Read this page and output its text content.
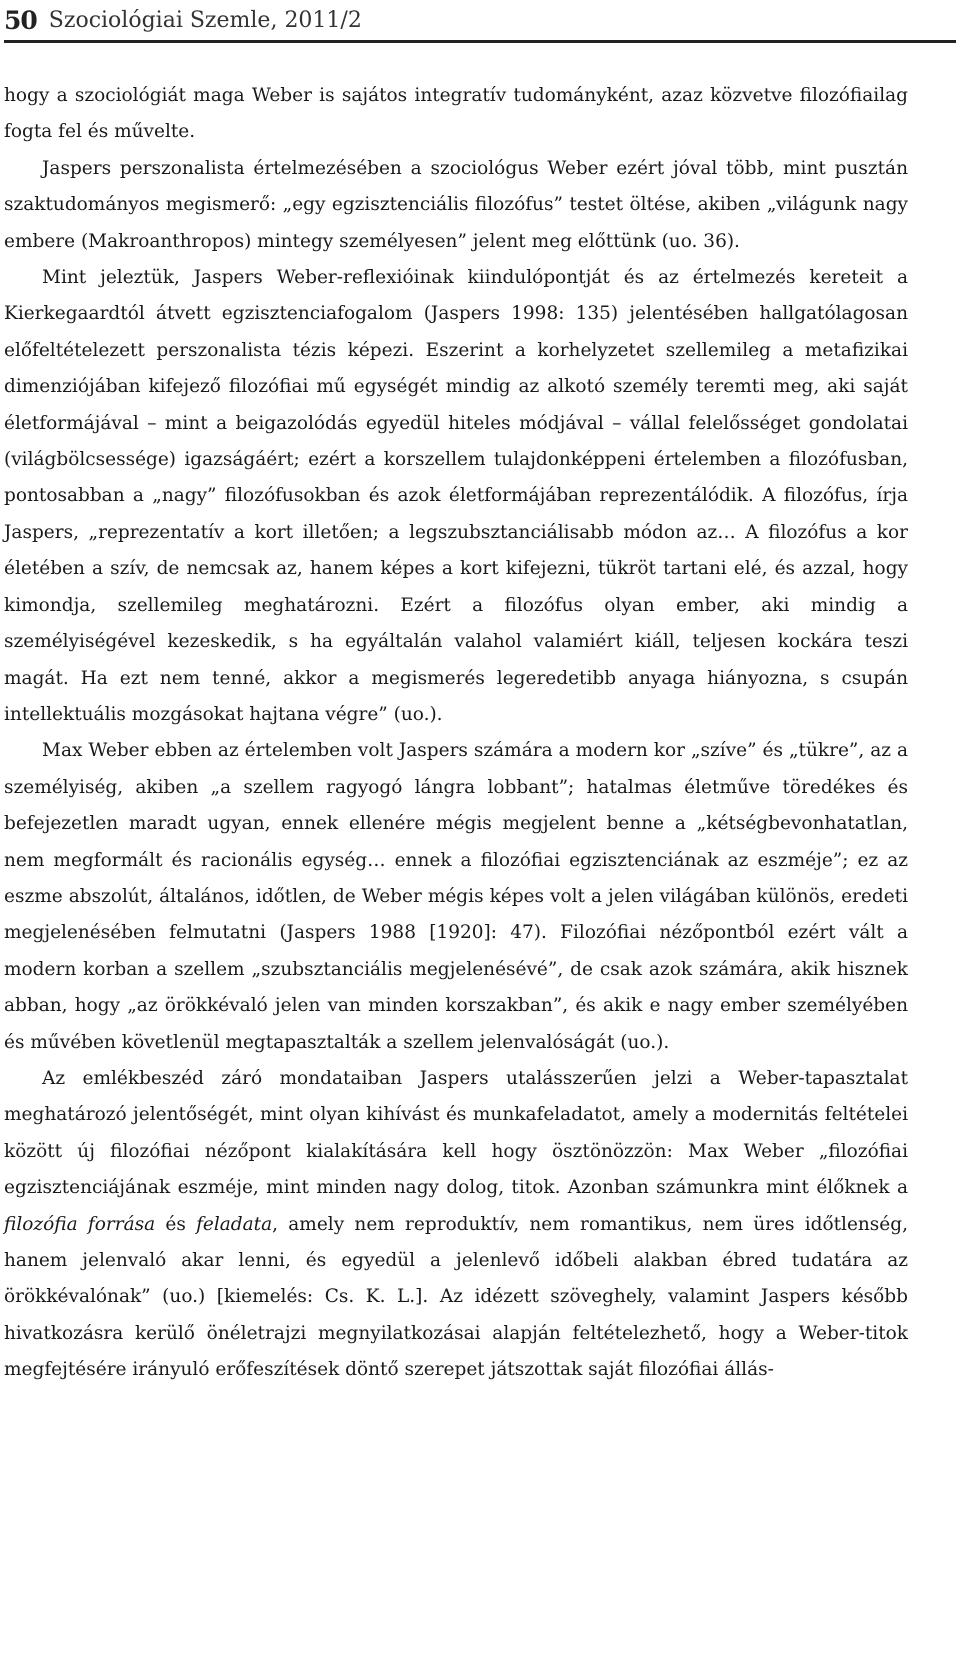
50 Szociológiai Szemle, 2011/2

hogy a szociológiát maga Weber is sajátos integratív tudományként, azaz közvetve filozófiailag fogta fel és művelte.

Jaspers perszonalista értelmezésében a szociológus Weber ezért jóval több, mint pusztán szaktudományos megismerő: „egy egzisztenciális filozófus” testet öltése, akiben „világunk nagy embere (Makroanthropos) mintegy személyesen” jelent meg előttünk (uo. 36).

Mint jeleztük, Jaspers Weber-reflexióinak kiindulópontját és az értelmezés kereteit a Kierkegaardtól átvett egzisztenciafogalom (Jaspers 1998: 135) jelentésében hallgatólagosan előfeltételezett perszonalista tézis képezi. Eszerint a korhelyzetet szellemileg a metafizikai dimenziójában kifejező filozófiai mű egységét mindig az alkotó személy teremti meg, aki saját életformájával – mint a beigazolódás egyedül hiteles módjával – vállal felelősséget gondolatai (világbölcsessége) igazságáért; ezért a korszellem tulajdonképpeni értelemben a filozófusban, pontosabban a „nagy” filozófusokban és azok életformájában reprezentálódik. A filozófus, írja Jaspers, „reprezentatív a kort illetően; a legszubsztanciálisabb módon az… A filozófus a kor életében a szív, de nemcsak az, hanem képes a kort kifejezni, tükröt tartani elé, és azzal, hogy kimondja, szellemileg meghatározni. Ezért a filozófus olyan ember, aki mindig a személyiségével kezeskedik, s ha egyáltalán valahol valamiért kiáll, teljesen kockára teszi magát. Ha ezt nem tenné, akkor a megismerés legeredetibb anyaga hiányozna, s csupán intellektuális mozgásokat hajtana végre” (uo.).

Max Weber ebben az értelemben volt Jaspers számára a modern kor „szíve” és „tükre”, az a személyiség, akiben „a szellem ragyogó lángra lobbant”; hatalmas életműve töredékes és befejezetlen maradt ugyan, ennek ellenére mégis megjelent benne a „kétségbevonhatatlan, nem megformált és racionális egység… ennek a filozófiai egzisztenciának az eszméje”; ez az eszme abszolút, általános, időtlen, de Weber mégis képes volt a jelen világában különös, eredeti megjelenésében felmutatni (Jaspers 1988 [1920]: 47). Filozófiai nézőpontból ezért vált a modern korban a szellem „szubsztanciális megjelenésévé”, de csak azok számára, akik hisznek abban, hogy „az örökkévaló jelen van minden korszakban”, és akik e nagy ember személyében és művében követlenül megtapasztalták a szellem jelenvalóságát (uo.).

Az emlékbeszéd záró mondataiban Jaspers utalásszerűen jelzi a Weber-tapasztalat meghatározó jelentőségét, mint olyan kihívást és munkafeladatot, amely a modernitás feltételei között új filozófiai nézőpont kialakítására kell hogy ösztönözzön: Max Weber „filozófiai egzisztenciájának eszméje, mint minden nagy dolog, titok. Azonban számunkra mint élőknek a filozófia forrása és feladata, amely nem reproduktív, nem romantikus, nem üres időtlenség, hanem jelenvaló akar lenni, és egyedül a jelenlevő időbeli alakban ébred tudatára az örökkévalónak” (uo.) [kiemelés: Cs. K. L.]. Az idézett szöveghely, valamint Jaspers később hivatkozásra kerülő önéletrajzi megnyilatkozásai alapján feltételezhető, hogy a Weber-titok megfejtésére irányuló erőfeszítések döntő szerepet játszottak saját filozófiai állás-
